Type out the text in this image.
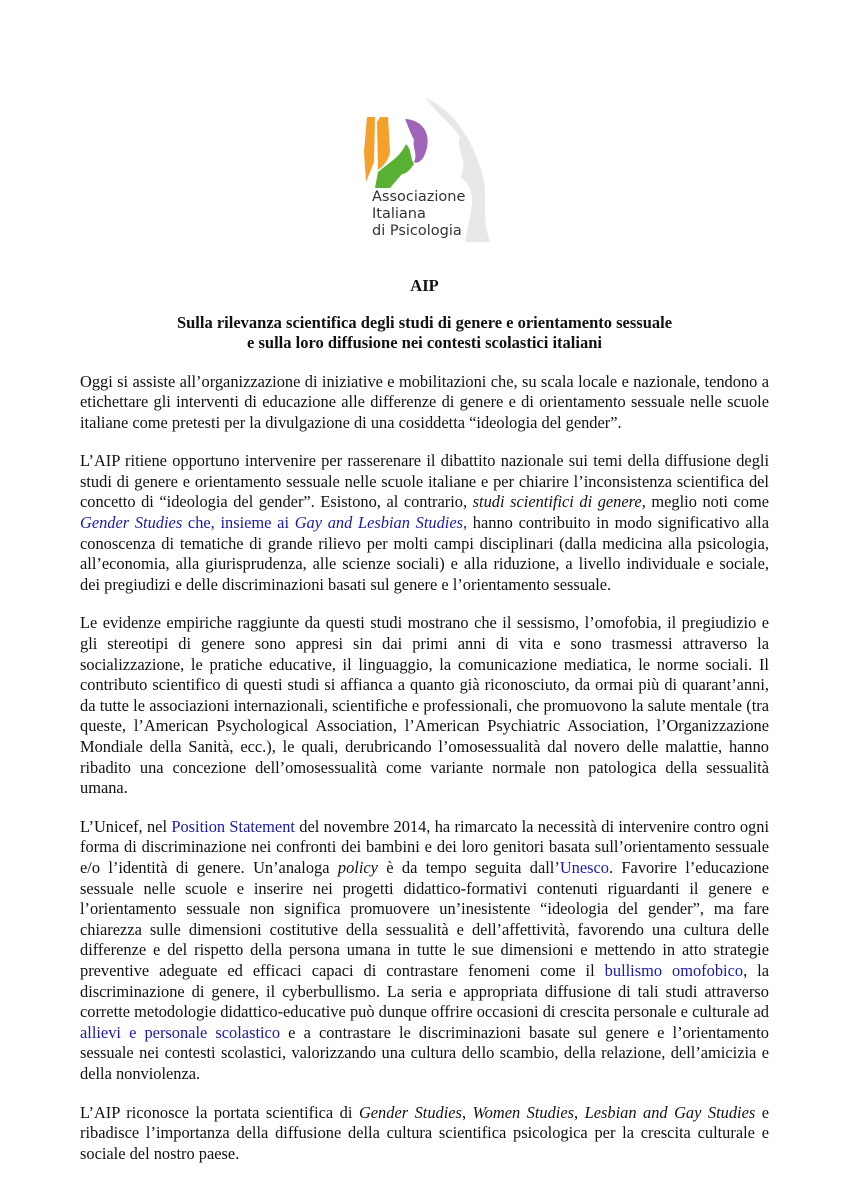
Associazione
Italiana
di Psicologia
AIP
Sulla rilevanza scientifica degli studi di genere e orientamento sessuale
e sulla loro diffusione nei contesti scolastici italiani

Oggi si assiste all’organizzazione di iniziative e mobilitazioni che, su scala locale e nazionale, tendono a etichettare gli interventi di educazione alle differenze di genere e di orientamento sessuale nelle scuole italiane come pretesti per la divulgazione di una cosiddetta “ideologia del gender”.

L’AIP ritiene opportuno intervenire per rasserenare il dibattito nazionale sui temi della diffusione degli studi di genere e orientamento sessuale nelle scuole italiane e per chiarire l’inconsistenza scientifica del concetto di “ideologia del gender”. Esistono, al contrario, studi scientifici di genere, meglio noti come Gender Studies che, insieme ai Gay and Lesbian Studies, hanno contribuito in modo significativo alla conoscenza di tematiche di grande rilievo per molti campi disciplinari (dalla medicina alla psicologia, all’economia, alla giurisprudenza, alle scienze sociali) e alla riduzione, a livello individuale e sociale, dei pregiudizi e delle discriminazioni basati sul genere e l’orientamento sessuale.

Le evidenze empiriche raggiunte da questi studi mostrano che il sessismo, l’omofobia, il pregiudizio e gli stereotipi di genere sono appresi sin dai primi anni di vita e sono trasmessi attraverso la socializzazione, le pratiche educative, il linguaggio, la comunicazione mediatica, le norme sociali. Il contributo scientifico di questi studi si affianca a quanto già riconosciuto, da ormai più di quarant’anni, da tutte le associazioni internazionali, scientifiche e professionali, che promuovono la salute mentale (tra queste, l’American Psychological Association, l’American Psychiatric Association, l’Organizzazione Mondiale della Sanità, ecc.), le quali, derubricando l’omosessualità dal novero delle malattie, hanno ribadito una concezione dell’omosessualità come variante normale non patologica della sessualità umana.

L’Unicef, nel Position Statement del novembre 2014, ha rimarcato la necessità di intervenire contro ogni forma di discriminazione nei confronti dei bambini e dei loro genitori basata sull’orientamento sessuale e/o l’identità di genere. Un’analoga policy è da tempo seguita dall’Unesco. Favorire l’educazione sessuale nelle scuole e inserire nei progetti didattico-formativi contenuti riguardanti il genere e l’orientamento sessuale non significa promuovere un’inesistente “ideologia del gender”, ma fare chiarezza sulle dimensioni costitutive della sessualità e dell’affettività, favorendo una cultura delle differenze e del rispetto della persona umana in tutte le sue dimensioni e mettendo in atto strategie preventive adeguate ed efficaci capaci di contrastare fenomeni come il bullismo omofobico, la discriminazione di genere, il cyberbullismo. La seria e appropriata diffusione di tali studi attraverso corrette metodologie didattico-educative può dunque offrire occasioni di crescita personale e culturale ad allievi e personale scolastico e a contrastare le discriminazioni basate sul genere e l’orientamento sessuale nei contesti scolastici, valorizzando una cultura dello scambio, della relazione, dell’amicizia e della nonviolenza.

L’AIP riconosce la portata scientifica di Gender Studies, Women Studies, Lesbian and Gay Studies e ribadisce l’importanza della diffusione della cultura scientifica psicologica per la crescita culturale e sociale del nostro paese.
